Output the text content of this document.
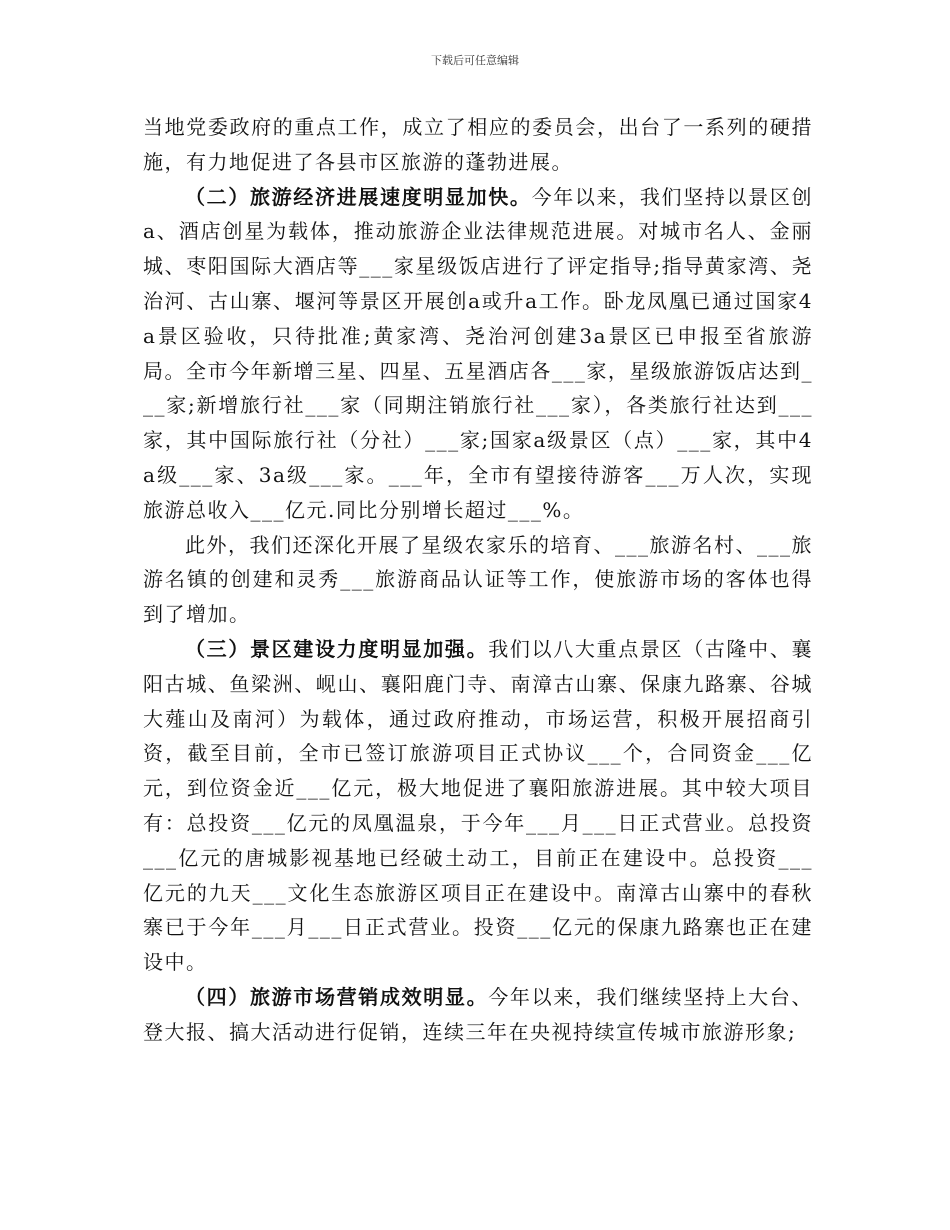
下载后可任意编辑

当地党委政府的重点工作，成立了相应的委员会，出台了一系列的硬措施，有力地促进了各县市区旅游的蓬勃进展。

（二）旅游经济进展速度明显加快。今年以来，我们坚持以景区创a、酒店创星为载体，推动旅游企业法律规范进展。对城市名人、金丽城、枣阳国际大酒店等___家星级饭店进行了评定指导;指导黄家湾、尧治河、古山寨、堰河等景区开展创a或升a工作。卧龙凤凰已通过国家4a景区验收，只待批准;黄家湾、尧治河创建3a景区已申报至省旅游局。全市今年新增三星、四星、五星酒店各___家，星级旅游饭店达到___家;新增旅行社___家（同期注销旅行社___家），各类旅行社达到___家，其中国际旅行社（分社）___家;国家a级景区（点）___家，其中4a级___家、3a级___家。___年，全市有望接待游客___万人次，实现旅游总收入___亿元.同比分别增长超过___%。

此外，我们还深化开展了星级农家乐的培育、___旅游名村、___旅游名镇的创建和灵秀___旅游商品认证等工作，使旅游市场的客体也得到了增加。

（三）景区建设力度明显加强。我们以八大重点景区（古隆中、襄阳古城、鱼梁洲、岘山、襄阳鹿门寺、南漳古山寨、保康九路寨、谷城大薤山及南河）为载体，通过政府推动，市场运营，积极开展招商引资，截至目前，全市已签订旅游项目正式协议___个，合同资金___亿元，到位资金近___亿元，极大地促进了襄阳旅游进展。其中较大项目有：总投资___亿元的凤凰温泉，于今年___月___日正式营业。总投资___亿元的唐城影视基地已经破土动工，目前正在建设中。总投资___亿元的九天___文化生态旅游区项目正在建设中。南漳古山寨中的春秋寨已于今年___月___日正式营业。投资___亿元的保康九路寨也正在建设中。

（四）旅游市场营销成效明显。今年以来，我们继续坚持上大台、登大报、搞大活动进行促销，连续三年在央视持续宣传城市旅游形象;
